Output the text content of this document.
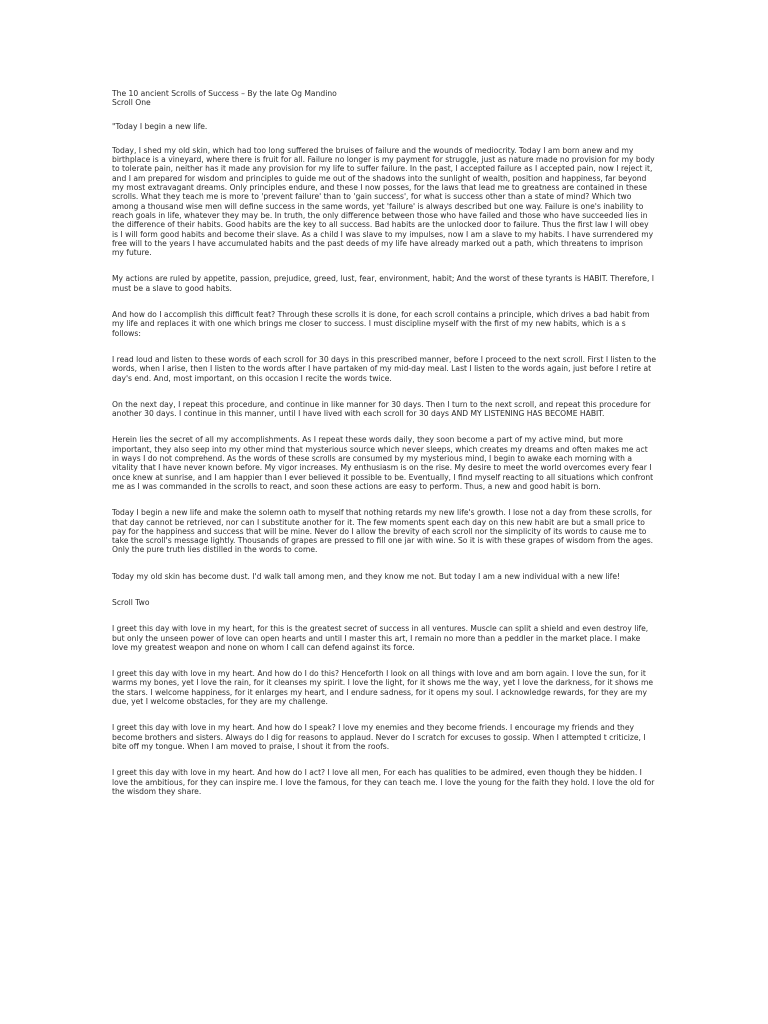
The 10 ancient Scrolls of Success – By the late Og Mandino

Scroll One

"Today I begin a new life.

Today, I shed my old skin, which had too long suffered the bruises of failure and the wounds of mediocrity. Today I am born anew and my birthplace is a vineyard, where there is fruit for all. Failure no longer is my payment for struggle, just as nature made no provision for my body to tolerate pain, neither has it made any provision for my life to suffer failure. In the past, I accepted failure as I accepted pain, now I reject it, and I am prepared for wisdom and principles to guide me out of the shadows into the sunlight of wealth, position and happiness, far beyond my most extravagant dreams. Only principles endure, and these I now posses, for the laws that lead me to greatness are contained in these scrolls. What they teach me is more to 'prevent failure' than to 'gain success', for what is success other than a state of mind? Which two among a thousand wise men will define success in the same words, yet 'failure' is always described but one way. Failure is one's inability to reach goals in life, whatever they may be. In truth, the only difference between those who have failed and those who have succeeded lies in the difference of their habits. Good habits are the key to all success. Bad habits are the unlocked door to failure. Thus the first law I will obey is I will form good habits and become their slave. As a child I was slave to my impulses, now I am a slave to my habits. I have surrendered my free will to the years I have accumulated habits and the past deeds of my life have already marked out a path, which threatens to imprison my future.

My actions are ruled by appetite, passion, prejudice, greed, lust, fear, environment, habit; And the worst of these tyrants is HABIT. Therefore, I must be a slave to good habits.

And how do I accomplish this difficult feat? Through these scrolls it is done, for each scroll contains a principle, which drives a bad habit from my life and replaces it with one which brings me closer to success. I must discipline myself with the first of my new habits, which is a s follows:

I read loud and listen to these words of each scroll for 30 days in this prescribed manner, before I proceed to the next scroll. First I listen to the words, when I arise, then I listen to the words after I have partaken of my mid-day meal. Last I listen to the words again, just before I retire at day's end. And, most important, on this occasion I recite the words twice.

On the next day, I repeat this procedure, and continue in like manner for 30 days. Then I turn to the next scroll, and repeat this procedure for another 30 days. I continue in this manner, until I have lived with each scroll for 30 days AND MY LISTENING HAS BECOME HABIT.

Herein lies the secret of all my accomplishments. As I repeat these words daily, they soon become a part of my active mind, but more important, they also seep into my other mind that mysterious source which never sleeps, which creates my dreams and often makes me act in ways I do not comprehend. As the words of these scrolls are consumed by my mysterious mind, I begin to awake each morning with a vitality that I have never known before. My vigor increases. My enthusiasm is on the rise. My desire to meet the world overcomes every fear I once knew at sunrise, and I am happier than I ever believed it possible to be. Eventually, I find myself reacting to all situations which confront me as I was commanded in the scrolls to react, and soon these actions are easy to perform. Thus, a new and good habit is born.

Today I begin a new life and make the solemn oath to myself that nothing retards my new life's growth. I lose not a day from these scrolls, for that day cannot be retrieved, nor can I substitute another for it. The few moments spent each day on this new habit are but a small price to pay for the happiness and success that will be mine. Never do I allow the brevity of each scroll nor the simplicity of its words to cause me to take the scroll's message lightly. Thousands of grapes are pressed to fill one jar with wine. So it is with these grapes of wisdom from the ages. Only the pure truth lies distilled in the words to come.

Today my old skin has become dust. I'd walk tall among men, and they know me not. But today I am a new individual with a new life!

Scroll Two

I greet this day with love in my heart, for this is the greatest secret of success in all ventures. Muscle can split a shield and even destroy life, but only the unseen power of love can open hearts and until I master this art, I remain no more than a peddler in the market place. I make love my greatest weapon and none on whom I call can defend against its force.

I greet this day with love in my heart. And how do I do this? Henceforth I look on all things with love and am born again. I love the sun, for it warms my bones, yet I love the rain, for it cleanses my spirit. I love the light, for it shows me the way, yet I love the darkness, for it shows me the stars. I welcome happiness, for it enlarges my heart, and I endure sadness, for it opens my soul. I acknowledge rewards, for they are my due, yet I welcome obstacles, for they are my challenge.

I greet this day with love in my heart. And how do I speak? I love my enemies and they become friends. I encourage my friends and they become brothers and sisters. Always do I dig for reasons to applaud. Never do I scratch for excuses to gossip. When I attempted t criticize, I bite off my tongue. When I am moved to praise, I shout it from the roofs.

I greet this day with love in my heart. And how do I act? I love all men, For each has qualities to be admired, even though they be hidden. I love the ambitious, for they can inspire me. I love the famous, for they can teach me. I love the young for the faith they hold. I love the old for the wisdom they share.
